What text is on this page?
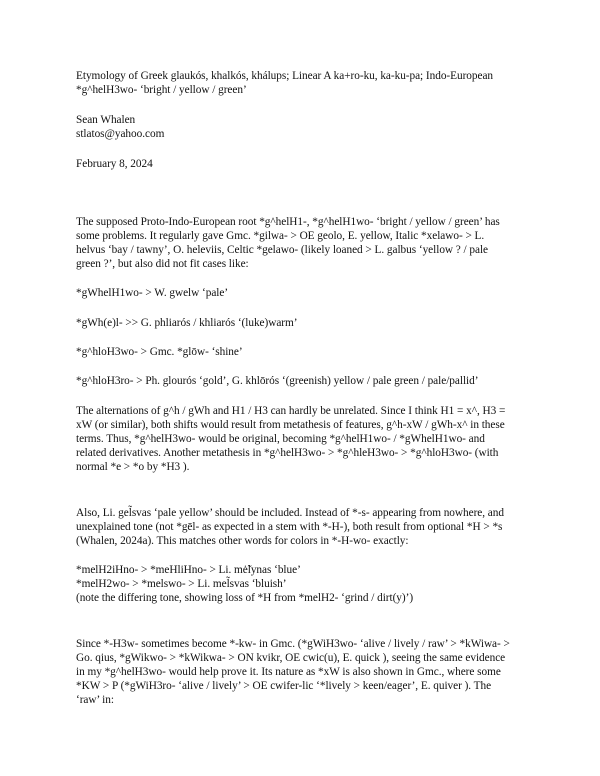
Etymology of Greek glaukós, khalkós, khálups; Linear A ka+ro-ku, ka-ku-pa; Indo-European
*g^helH3wo- ‘bright / yellow / green’
Sean Whalen
stlatos@yahoo.com
February 8, 2024
The supposed Proto-Indo-European root *g^helH1-, *g^helH1wo- ‘bright / yellow / green’ has
some problems. It regularly gave Gmc. *gilwa- > OE geolo, E. yellow, Italic *xelawo- > L.
helvus ‘bay / tawny’, O. heleviis, Celtic *gelawo- (likely loaned > L. galbus ‘yellow ? / pale
green ?’, but also did not fit cases like:
*gWhelH1wo- > W. gwelw ‘pale’
*gWh(e)l- >> G. phliarós / khliarós ‘(luke)warm’
*g^hloH3wo- > Gmc. *glōw- ‘shine’
*g^hloH3ro- > Ph. glourós ‘gold’, G. khlōrós ‘(greenish) yellow / pale green / pale/pallid’
The alternations of g^h / gWh and H1 / H3 can hardly be unrelated. Since I think H1 = x^, H3 =
xW (or similar), both shifts would result from metathesis of features, g^h-xW / gWh-x^ in these
terms. Thus, *g^helH3wo- would be original, becoming *g^helH1wo- / *gWhelH1wo- and
related derivatives. Another metathesis in *g^helH3wo- > *g^hleH3wo- > *g^hloH3wo- (with
normal *e > *o by *H3 ).
Also, Li. gel̃svas ‘pale yellow’ should be included. Instead of *-s- appearing from nowhere, and
unexplained tone (not *gēl- as expected in a stem with *-H-), both result from optional *H > *s
(Whalen, 2024a). This matches other words for colors in *-H-wo- exactly:
*melH2iHno- > *meHliHno- > Li. mė̃lynas ‘blue’
*melH2wo- > *melswo- > Li. mel̃svas ‘bluish’
(note the differing tone, showing loss of *H from *melH2- ‘grind / dirt(y)’)
Since *-H3w- sometimes become *-kw- in Gmc. (*gWiH3wo- ‘alive / lively / raw’ > *kWiwa- >
Go. qius, *gWikwo- > *kWikwa- > ON kvikr, OE cwic(u), E. quick ), seeing the same evidence
in my *g^helH3wo- would help prove it. Its nature as *xW is also shown in Gmc., where some
*KW > P (*gWiH3ro- ‘alive / lively’ > OE cwifer-lic ‘*lively > keen/eager’, E. quiver ). The
‘raw’ in:
